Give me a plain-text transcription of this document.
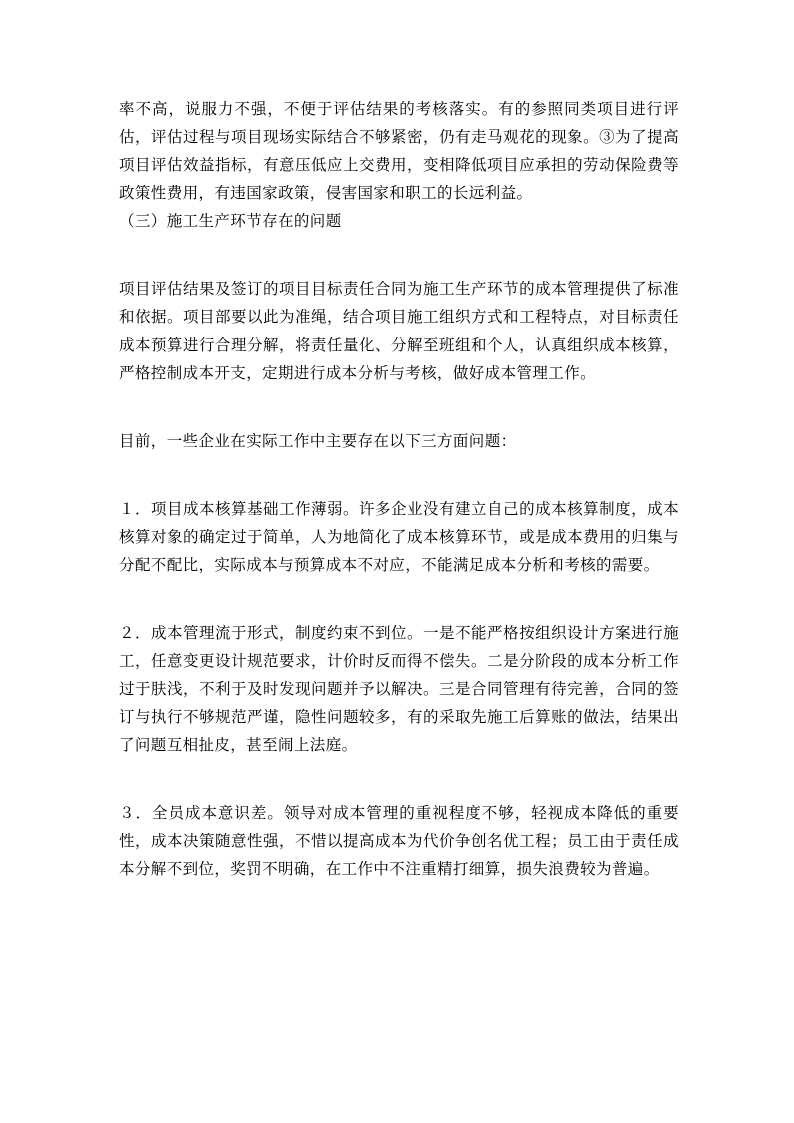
率不高，说服力不强，不便于评估结果的考核落实。有的参照同类项目进行评估，评估过程与项目现场实际结合不够紧密，仍有走马观花的现象。③为了提高项目评估效益指标，有意压低应上交费用，变相降低项目应承担的劳动保险费等政策性费用，有违国家政策，侵害国家和职工的长远利益。

（三）施工生产环节存在的问题

项目评估结果及签订的项目目标责任合同为施工生产环节的成本管理提供了标准和依据。项目部要以此为准绳，结合项目施工组织方式和工程特点，对目标责任成本预算进行合理分解，将责任量化、分解至班组和个人，认真组织成本核算，严格控制成本开支，定期进行成本分析与考核，做好成本管理工作。

目前，一些企业在实际工作中主要存在以下三方面问题：

１．项目成本核算基础工作薄弱。许多企业没有建立自己的成本核算制度，成本核算对象的确定过于简单，人为地简化了成本核算环节，或是成本费用的归集与分配不配比，实际成本与预算成本不对应，不能满足成本分析和考核的需要。

２．成本管理流于形式，制度约束不到位。一是不能严格按组织设计方案进行施工，任意变更设计规范要求，计价时反而得不偿失。二是分阶段的成本分析工作过于肤浅，不利于及时发现问题并予以解决。三是合同管理有待完善，合同的签订与执行不够规范严谨，隐性问题较多，有的采取先施工后算账的做法，结果出了问题互相扯皮，甚至闹上法庭。

３．全员成本意识差。领导对成本管理的重视程度不够，轻视成本降低的重要性，成本决策随意性强，不惜以提高成本为代价争创名优工程；员工由于责任成本分解不到位，奖罚不明确，在工作中不注重精打细算，损失浪费较为普遍。
